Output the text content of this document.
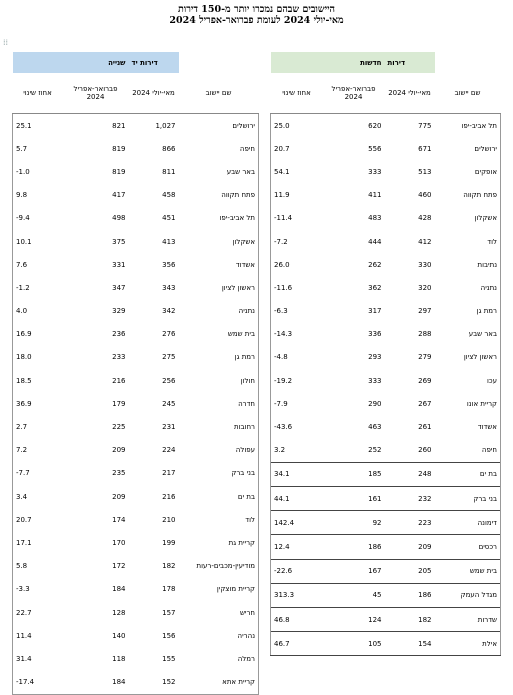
⁞⁞
היישובים שבהם נמכרו יותר מ-150 דירות
מאי-יולי 2024 לעומת פברואר-אפריל 2024
	דירות	חדשות	
שם יישוב	מאי-יולי 2024	פברואר-אפריל 2024	אחוז שינוי
תל אביב-יפו	775	620	25.0
ירושלים	671	556	20.7
אופקים	513	333	54.1
פתח תקווה	460	411	11.9
אשקלון	428	483	11.4-
לוד	412	444	7.2-
נתיבות	330	262	26.0
נתניה	320	362	11.6-
רמת גן	297	317	6.3-
באר שבע	288	336	14.3-
ראשון לציון	279	293	4.8-
עכו	269	333	19.2-
קריית אונו	267	290	7.9-
אשדוד	261	463	43.6-
חיפה	260	252	3.2
בת ים	248	185	34.1
בני ברק	232	161	44.1
דימונה	223	92	142.4
רכסים	209	186	12.4
בית שמש	205	167	22.6-
מגדל העמק	186	45	313.3
שדרות	182	124	46.8
אילת	154	105	46.7
	דירות יד	שנייה	
שם יישוב	מאי-יולי 2024	פברואר-אפריל 2024	אחוז שינוי
ירושלים	1,027	821	25.1
חיפה	866	819	5.7
באר שבע	811	819	1.0-
פתח תקווה	458	417	9.8
תל אביב-יפו	451	498	9.4-
אשקלון	413	375	10.1
אשדוד	356	331	7.6
ראשון לציון	343	347	1.2-
נתניה	342	329	4.0
בית שמש	276	236	16.9
רמת גן	275	233	18.0
חולון	256	216	18.5
חדרה	245	179	36.9
רחובות	231	225	2.7
עפולה	224	209	7.2
בני ברק	217	235	7.7-
בת ים	216	209	3.4
לוד	210	174	20.7
קריית גת	199	170	17.1
מודיעין-מכבים-רעות	182	172	5.8
קריית מוצקין	178	184	3.3-
חריש	157	128	22.7
נהריה	156	140	11.4
רמלה	155	118	31.4
קריית אתא	152	184	17.4-
